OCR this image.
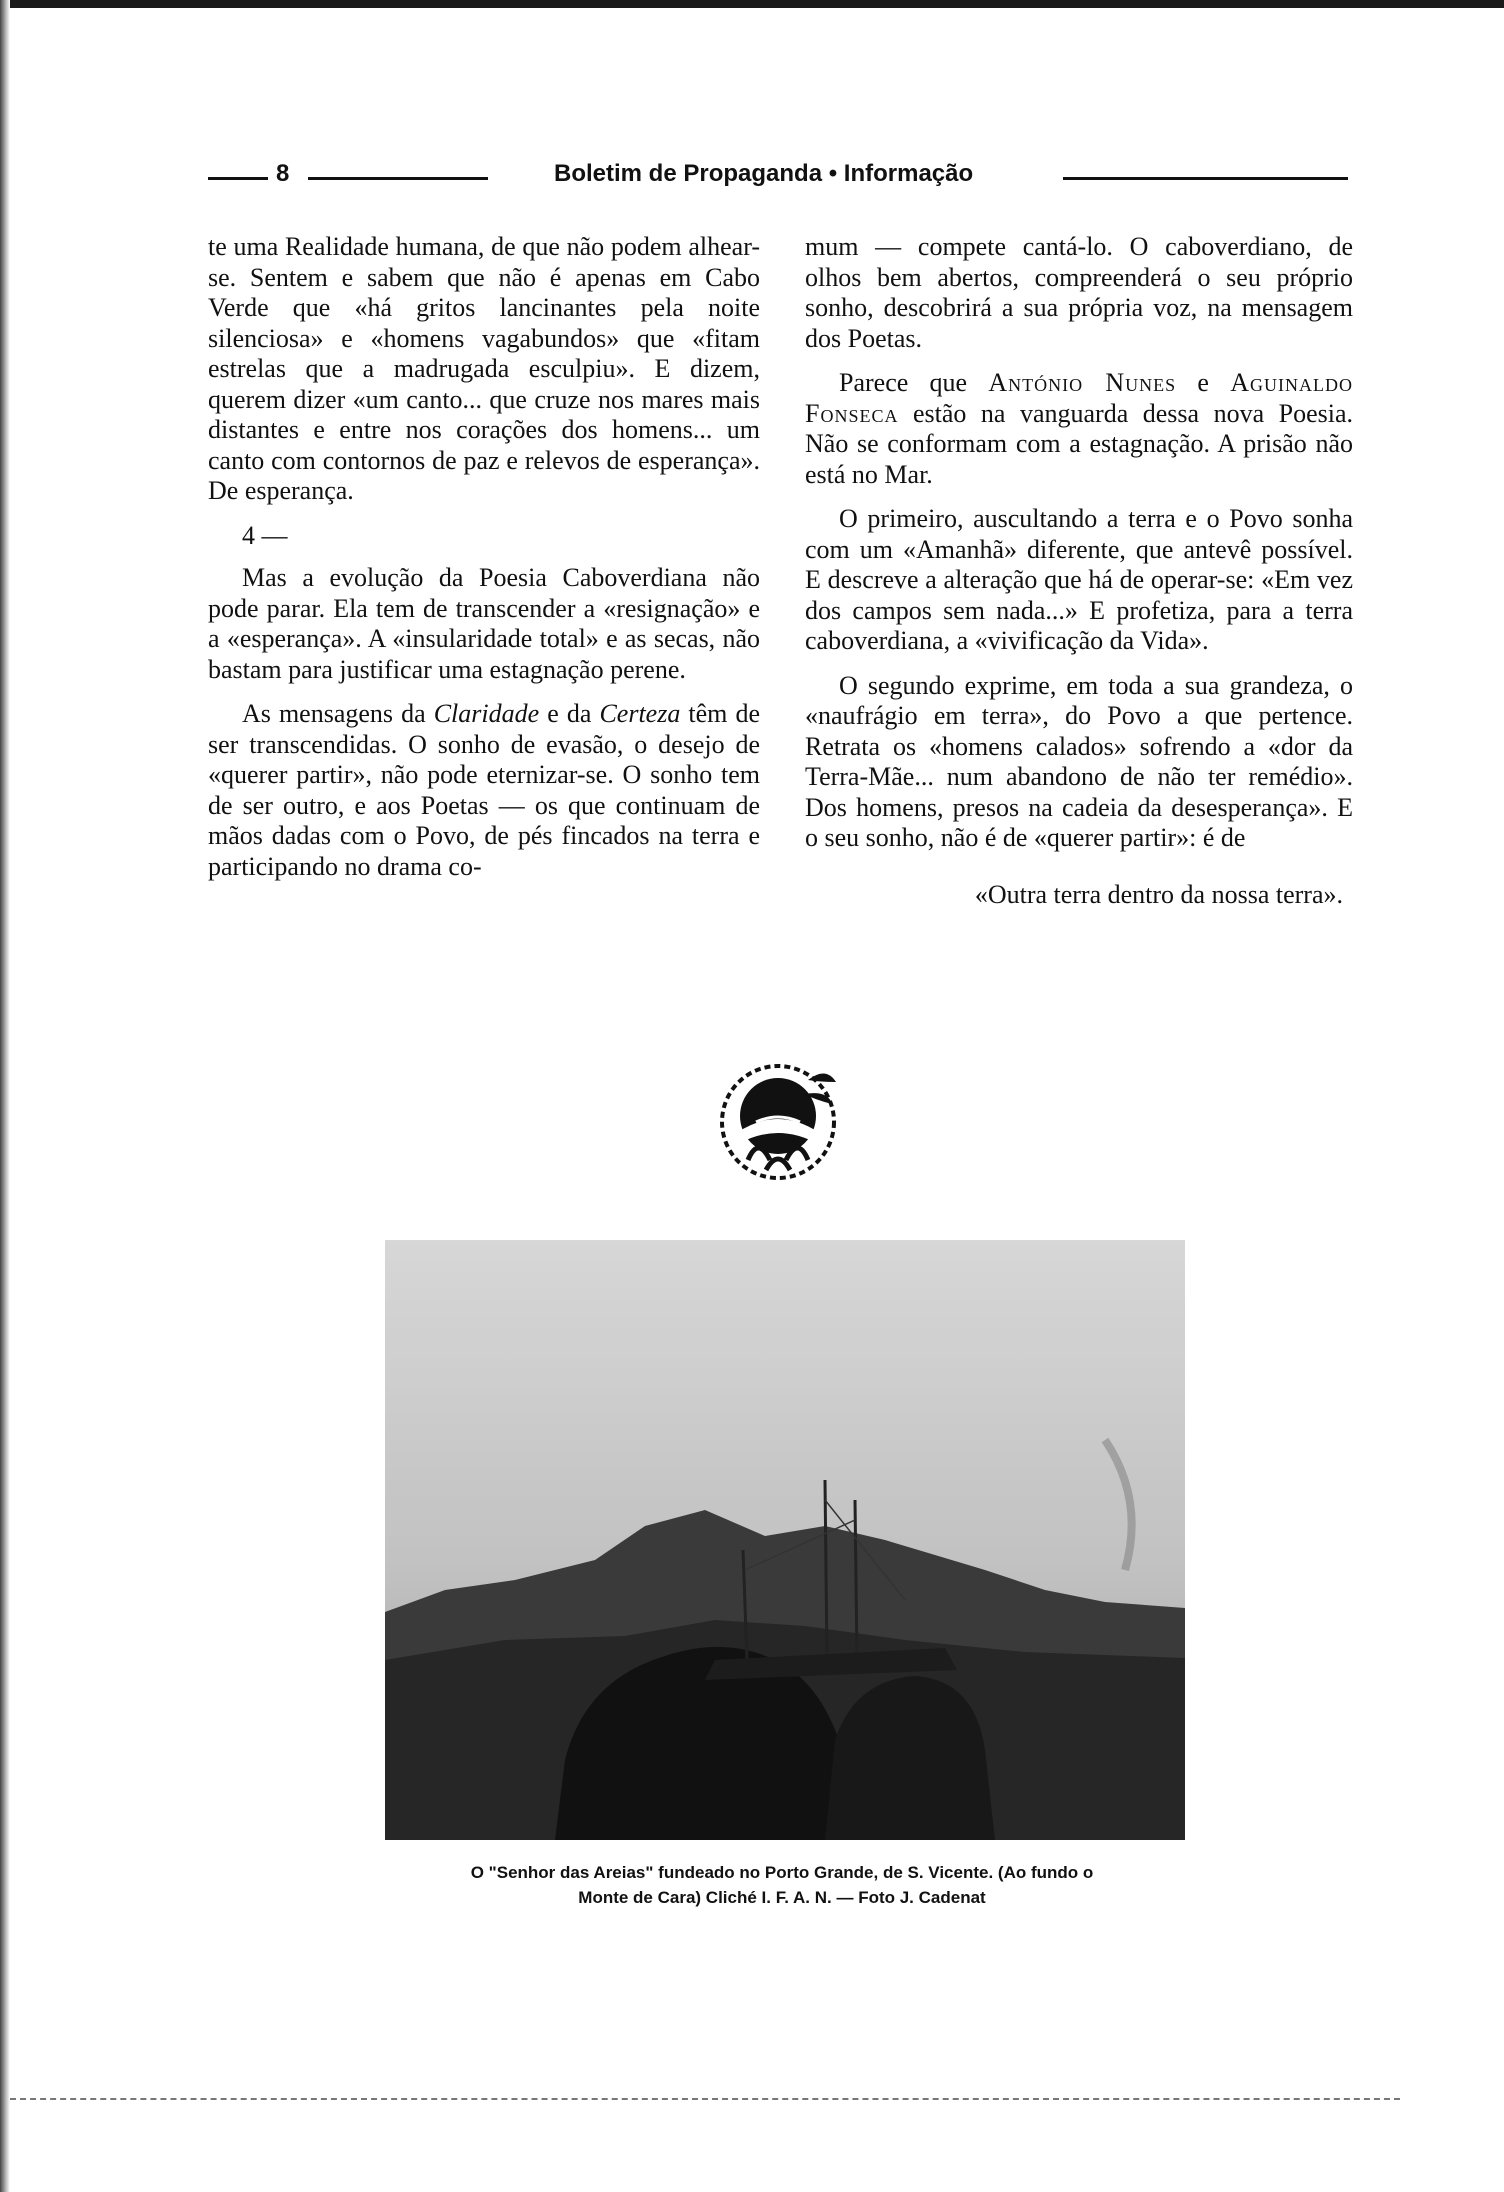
8	Boletim de Propaganda • Informação

te uma Realidade humana, de que não podem alhear-se. Sentem e sabem que não é apenas em Cabo Verde que «há gritos lancinantes pela noite silenciosa» e «homens vagabundos» que «fitam estrelas que a madrugada esculpiu». E dizem, querem dizer «um canto... que cruze nos mares mais distantes e entre nos corações dos homens... um canto com contornos de paz e relevos de esperança». De esperança.

4 —

Mas a evolução da Poesia Caboverdiana não pode parar. Ela tem de transcender a «resignação» e a «esperança». A «insularidade total» e as secas, não bastam para justificar uma estagnação perene.

As mensagens da Claridade e da Certeza têm de ser transcendidas. O sonho de evasão, o desejo de «querer partir», não pode eternizar-se. O sonho tem de ser outro, e aos Poetas — os que continuam de mãos dadas com o Povo, de pés fincados na terra e participando no drama co-

mum — compete cantá-lo. O caboverdiano, de olhos bem abertos, compreenderá o seu próprio sonho, descobrirá a sua própria voz, na mensagem dos Poetas.

Parece que António Nunes e Aguinaldo Fonseca estão na vanguarda dessa nova Poesia. Não se conformam com a estagnação. A prisão não está no Mar.

O primeiro, auscultando a terra e o Povo sonha com um «Amanhã» diferente, que antevê possível. E descreve a alteração que há de operar-se: «Em vez dos campos sem nada...» E profetiza, para a terra caboverdiana, a «vivificação da Vida».

O segundo exprime, em toda a sua grandeza, o «naufrágio em terra», do Povo a que pertence. Retrata os «homens calados» sofrendo a «dor da Terra-Mãe... num abandono de não ter remédio». Dos homens, presos na cadeia da desesperança». E o seu sonho, não é de «querer partir»: é de

«Outra terra dentro da nossa terra».
O "Senhor das Areias" fundeado no Porto Grande, de S. Vicente. (Ao fundo o
Monte de Cara) Cliché I. F. A. N. — Foto J. Cadenat
